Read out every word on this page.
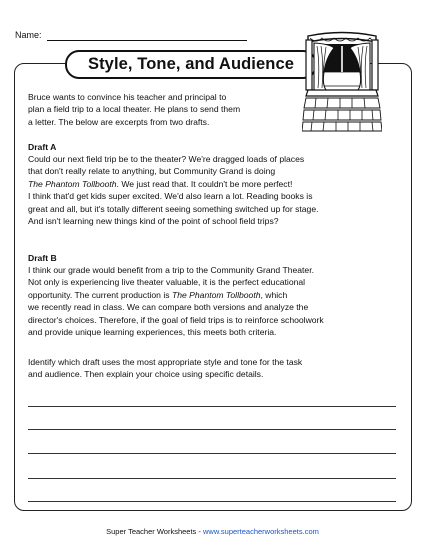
Name:
Style, Tone, and Audience
Bruce wants to convince his teacher and principal to
plan a field trip to a local theater. He plans to send them
a letter. The below are excerpts from two drafts.
Draft A
Could our next field trip be to the theater? We're dragged loads of places
that don't really relate to anything, but Community Grand is doing
The Phantom Tollbooth. We just read that. It couldn't be more perfect!
I think that'd get kids super excited. We'd also learn a lot. Reading books is
great and all, but it's totally different seeing something switched up for stage.
And isn't learning new things kind of the point of school field trips?
Draft B
I think our grade would benefit from a trip to the Community Grand Theater.
Not only is experiencing live theater valuable, it is the perfect educational
opportunity. The current production is The Phantom Tollbooth, which
we recently read in class. We can compare both versions and analyze the
director's choices. Therefore, if the goal of field trips is to reinforce schoolwork
and provide unique learning experiences, this meets both criteria.
Identify which draft uses the most appropriate style and tone for the task
and audience. Then explain your choice using specific details.
Super Teacher Worksheets - www.superteacherworksheets.com
